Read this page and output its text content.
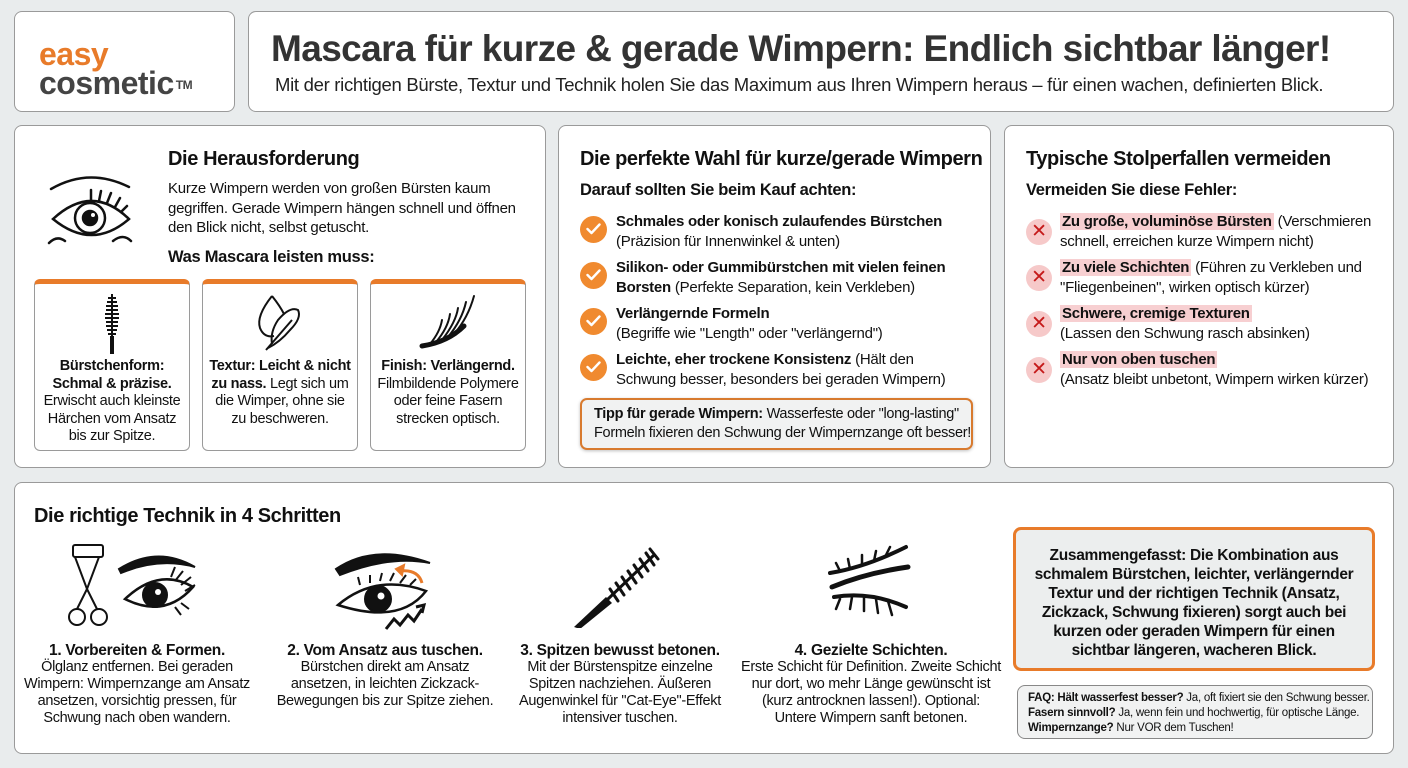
easy
cosmetic ™
Mascara für kurze & gerade Wimpern: Endlich sichtbar länger!
Mit der richtigen Bürste, Textur und Technik holen Sie das Maximum aus Ihren Wimpern heraus – für einen wachen, definierten Blick.
Die Herausforderung
Kurze Wimpern werden von großen Bürsten kaum gegriffen. Gerade Wimpern hängen schnell und öffnen den Blick nicht, selbst getuscht.
Was Mascara leisten muss:
Bürstchenform: Schmal & präzise. Erwischt auch kleinste Härchen vom Ansatz bis zur Spitze.
Textur: Leicht & nicht zu nass. Legt sich um die Wimper, ohne sie zu beschweren.
Finish: Verlängernd. Filmbildende Polymere oder feine Fasern strecken optisch.
Die perfekte Wahl für kurze/gerade Wimpern
Darauf sollten Sie beim Kauf achten:
Schmales oder konisch zulaufendes Bürstchen
(Präzision für Innenwinkel & unten)
Silikon- oder Gummibürstchen mit vielen feinen Borsten (Perfekte Separation, kein Verkleben)
Verlängernde Formeln
(Begriffe wie "Length" oder "verlängernd")
Leichte, eher trockene Konsistenz (Hält den Schwung besser, besonders bei geraden Wimpern)
Tipp für gerade Wimpern: Wasserfeste oder "long-lasting" Formeln fixieren den Schwung der Wimpernzange oft besser!
Typische Stolperfallen vermeiden
Vermeiden Sie diese Fehler:
✕	Zu große, voluminöse Bürsten (Verschmieren schnell, erreichen kurze Wimpern nicht)
✕	Zu viele Schichten (Führen zu Verkleben und "Fliegenbeinen", wirken optisch kürzer)
✕	Schwere, cremige Texturen
(Lassen den Schwung rasch absinken)
✕	Nur von oben tuschen
(Ansatz bleibt unbetont, Wimpern wirken kürzer)
Die richtige Technik in 4 Schritten
1. Vorbereiten & Formen.
Ölglanz entfernen. Bei geraden Wimpern: Wimpernzange am Ansatz ansetzen, vorsichtig pressen, für Schwung nach oben wandern.
2. Vom Ansatz aus tuschen.
Bürstchen direkt am Ansatz ansetzen, in leichten Zickzack-Bewegungen bis zur Spitze ziehen.
3. Spitzen bewusst betonen.
Mit der Bürstenspitze einzelne Spitzen nachziehen. Äußeren Augenwinkel für "Cat-Eye"-Effekt intensiver tuschen.
4. Gezielte Schichten.
Erste Schicht für Definition. Zweite Schicht nur dort, wo mehr Länge gewünscht ist (kurz antrocknen lassen!). Optional: Untere Wimpern sanft betonen.
Zusammengefasst: Die Kombination aus schmalem Bürstchen, leichter, verlängernder Textur und der richtigen Technik (Ansatz, Zickzack, Schwung fixieren) sorgt auch bei kurzen oder geraden Wimpern für einen sichtbar längeren, wacheren Blick.
FAQ: Hält wasserfest besser? Ja, oft fixiert sie den Schwung besser.
Fasern sinnvoll? Ja, wenn fein und hochwertig, für optische Länge.
Wimpernzange? Nur VOR dem Tuschen!
